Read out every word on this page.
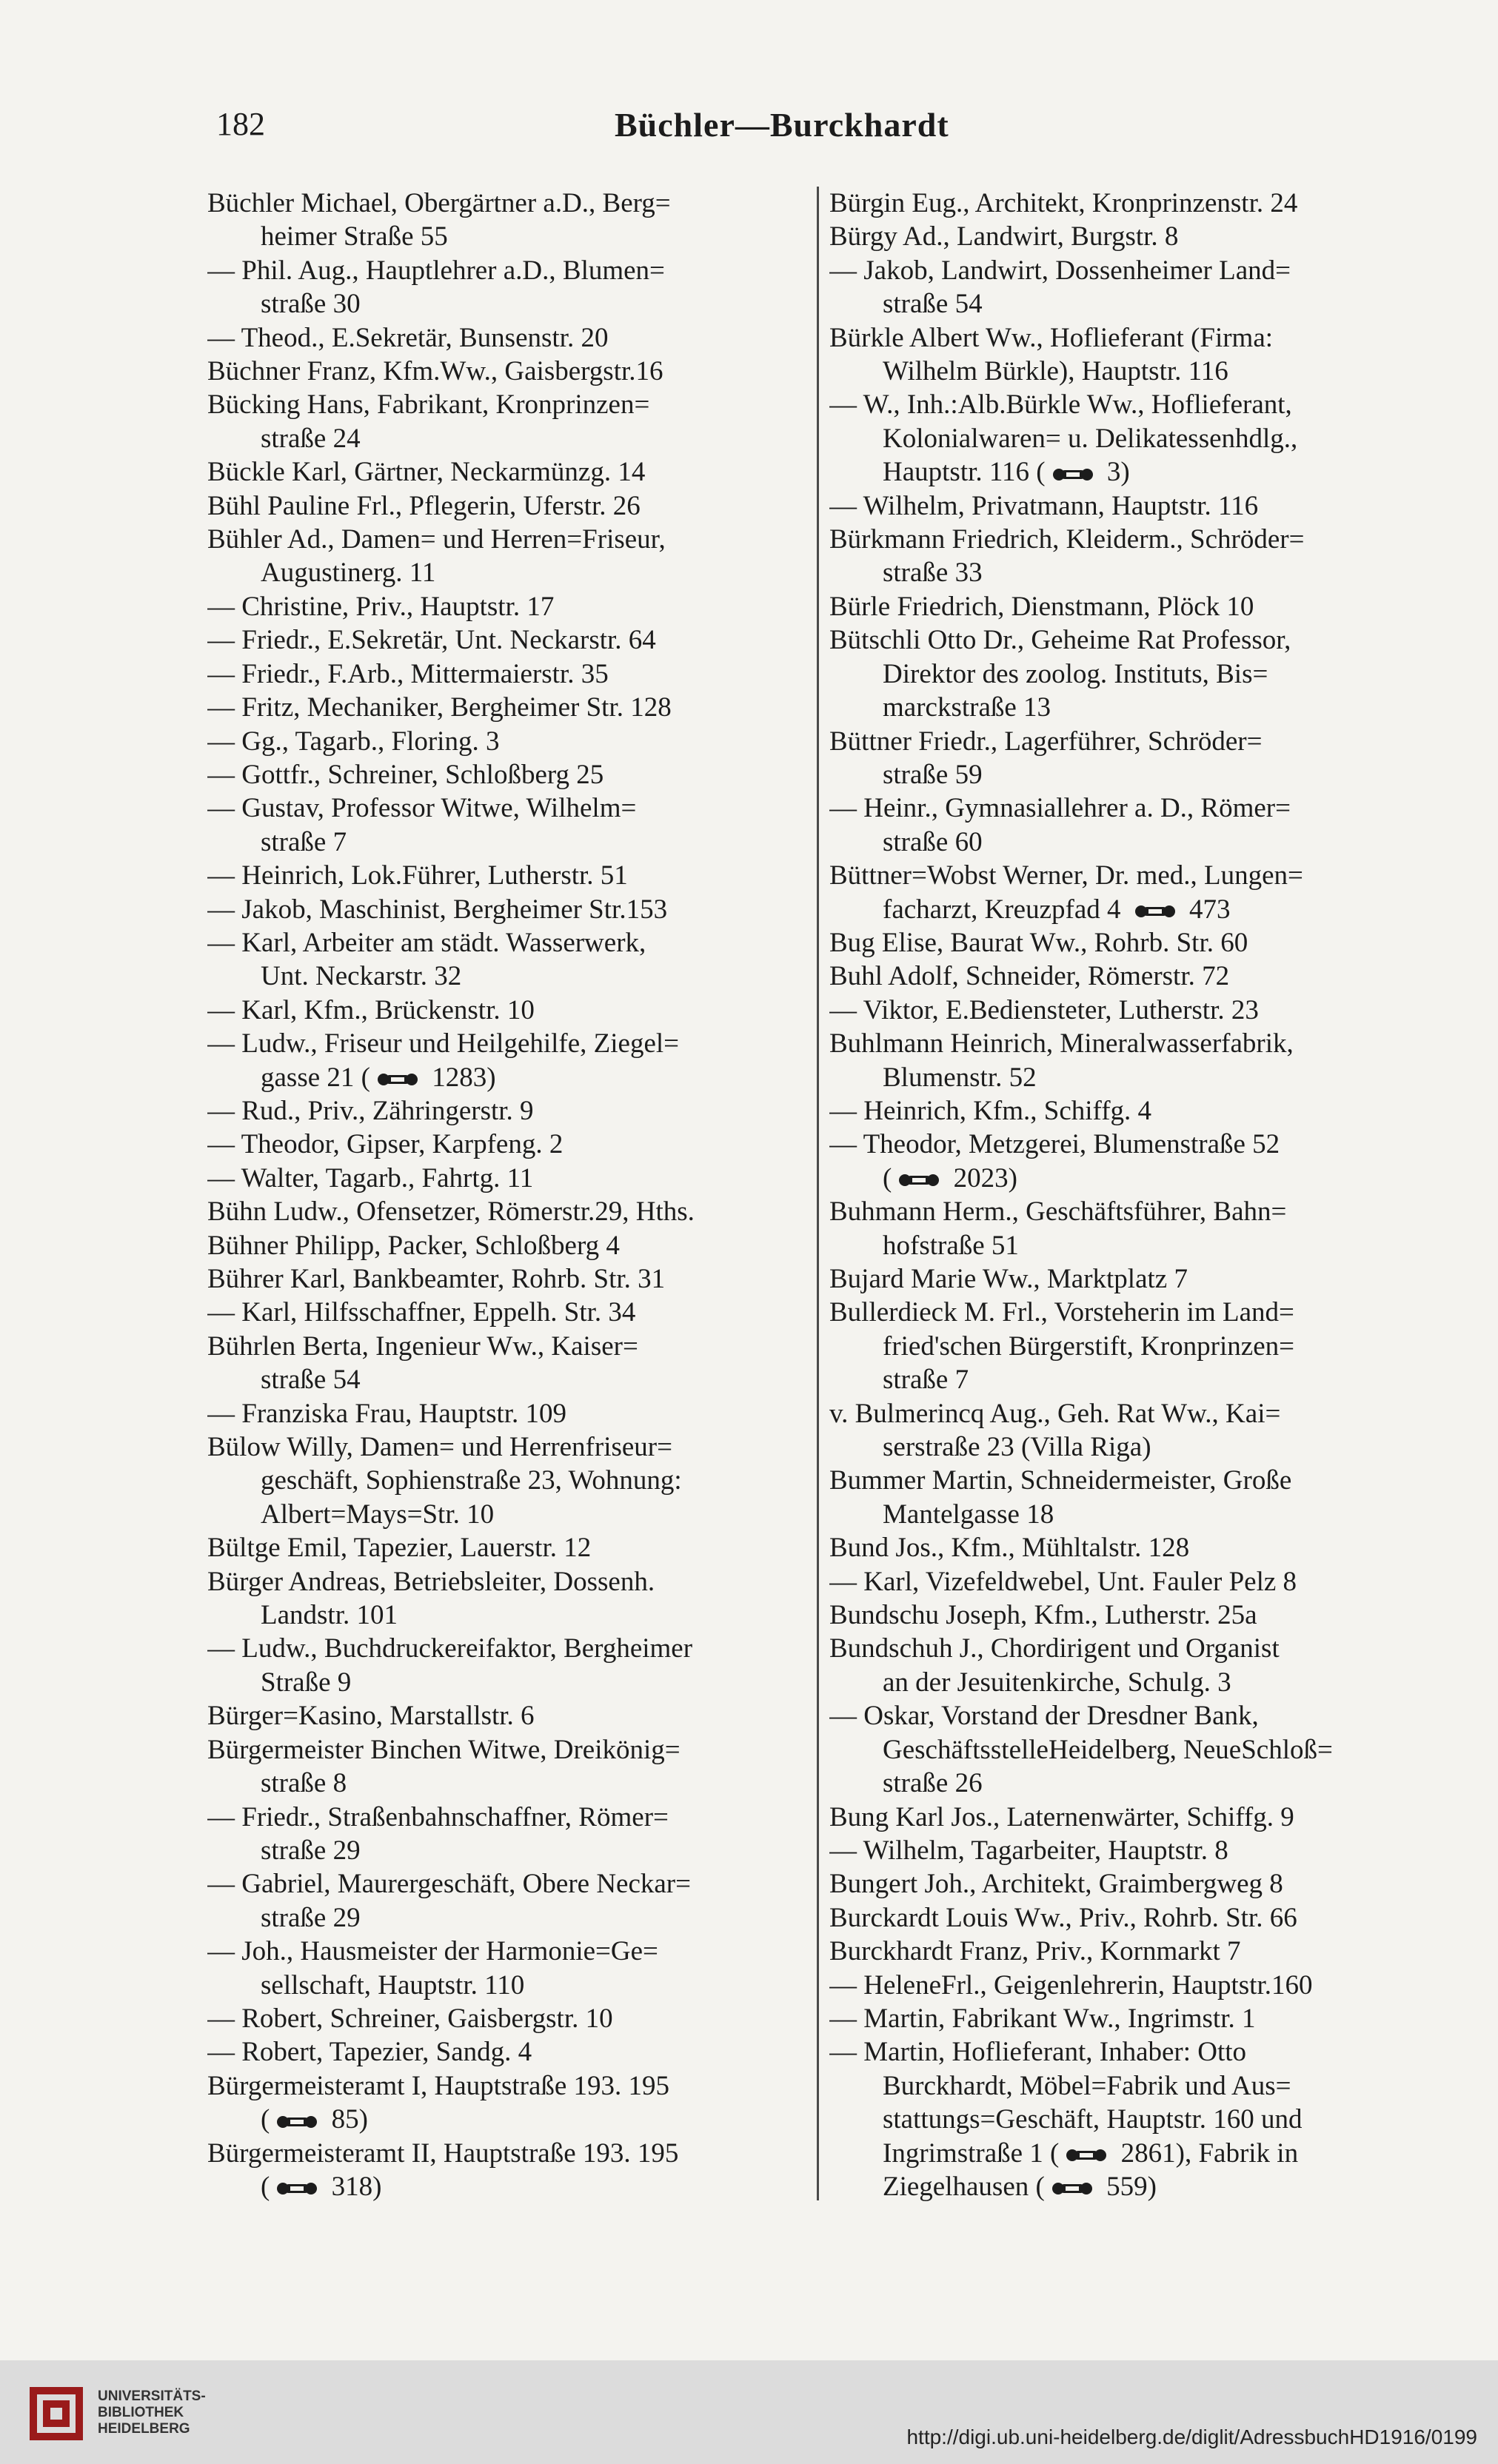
182	Büchler—Burckhardt
Büchler Michael, Obergärtner a.D., Berg=
heimer Straße 55
— Phil. Aug., Hauptlehrer a.D., Blumen=
straße 30
— Theod., E.Sekretär, Bunsenstr. 20
Büchner Franz, Kfm.Ww., Gaisbergstr.16
Bücking Hans, Fabrikant, Kronprinzen=
straße 24
Bückle Karl, Gärtner, Neckarmünzg. 14
Bühl Pauline Frl., Pflegerin, Uferstr. 26
Bühler Ad., Damen= und Herren=Friseur,
Augustinerg. 11
— Christine, Priv., Hauptstr. 17
— Friedr., E.Sekretär, Unt. Neckarstr. 64
— Friedr., F.Arb., Mittermaierstr. 35
— Fritz, Mechaniker, Bergheimer Str. 128
— Gg., Tagarb., Floring. 3
— Gottfr., Schreiner, Schloßberg 25
— Gustav, Professor Witwe, Wilhelm=
straße 7
— Heinrich, Lok.Führer, Lutherstr. 51
— Jakob, Maschinist, Bergheimer Str.153
— Karl, Arbeiter am städt. Wasserwerk,
Unt. Neckarstr. 32
— Karl, Kfm., Brückenstr. 10
— Ludw., Friseur und Heilgehilfe, Ziegel=
gasse 21 (
1283)
— Rud., Priv., Zähringerstr. 9
— Theodor, Gipser, Karpfeng. 2
— Walter, Tagarb., Fahrtg. 11
Bühn Ludw., Ofensetzer, Römerstr.29, Hths.
Bühner Philipp, Packer, Schloßberg 4
Bührer Karl, Bankbeamter, Rohrb. Str. 31
— Karl, Hilfsschaffner, Eppelh. Str. 34
Bührlen Berta, Ingenieur Ww., Kaiser=
straße 54
— Franziska Frau, Hauptstr. 109
Bülow Willy, Damen= und Herrenfriseur=
geschäft, Sophienstraße 23, Wohnung:
Albert=Mays=Str. 10
Bültge Emil, Tapezier, Lauerstr. 12
Bürger Andreas, Betriebsleiter, Dossenh.
Landstr. 101
— Ludw., Buchdruckereifaktor, Bergheimer
Straße 9
Bürger=Kasino, Marstallstr. 6
Bürgermeister Binchen Witwe, Dreikönig=
straße 8
— Friedr., Straßenbahnschaffner, Römer=
straße 29
— Gabriel, Maurergeschäft, Obere Neckar=
straße 29
— Joh., Hausmeister der Harmonie=Ge=
sellschaft, Hauptstr. 110
— Robert, Schreiner, Gaisbergstr. 10
— Robert, Tapezier, Sandg. 4
Bürgermeisteramt I, Hauptstraße 193. 195
(
85)
Bürgermeisteramt II, Hauptstraße 193. 195
(
318)
Bürgin Eug., Architekt, Kronprinzenstr. 24
Bürgy Ad., Landwirt, Burgstr. 8
— Jakob, Landwirt, Dossenheimer Land=
straße 54
Bürkle Albert Ww., Hoflieferant (Firma:
Wilhelm Bürkle), Hauptstr. 116
— W., Inh.:Alb.Bürkle Ww., Hoflieferant,
Kolonialwaren= u. Delikatessenhdlg.,
Hauptstr. 116 (
3)
— Wilhelm, Privatmann, Hauptstr. 116
Bürkmann Friedrich, Kleiderm., Schröder=
straße 33
Bürle Friedrich, Dienstmann, Plöck 10
Bütschli Otto Dr., Geheime Rat Professor,
Direktor des zoolog. Instituts, Bis=
marckstraße 13
Büttner Friedr., Lagerführer, Schröder=
straße 59
— Heinr., Gymnasiallehrer a. D., Römer=
straße 60
Büttner=Wobst Werner, Dr. med., Lungen=
facharzt, Kreuzpfad 4
473
Bug Elise, Baurat Ww., Rohrb. Str. 60
Buhl Adolf, Schneider, Römerstr. 72
— Viktor, E.Bediensteter, Lutherstr. 23
Buhlmann Heinrich, Mineralwasserfabrik,
Blumenstr. 52
— Heinrich, Kfm., Schiffg. 4
— Theodor, Metzgerei, Blumenstraße 52
(
2023)
Buhmann Herm., Geschäftsführer, Bahn=
hofstraße 51
Bujard Marie Ww., Marktplatz 7
Bullerdieck M. Frl., Vorsteherin im Land=
fried'schen Bürgerstift, Kronprinzen=
straße 7
v. Bulmerincq Aug., Geh. Rat Ww., Kai=
serstraße 23 (Villa Riga)
Bummer Martin, Schneidermeister, Große
Mantelgasse 18
Bund Jos., Kfm., Mühltalstr. 128
— Karl, Vizefeldwebel, Unt. Fauler Pelz 8
Bundschu Joseph, Kfm., Lutherstr. 25a
Bundschuh J., Chordirigent und Organist
an der Jesuitenkirche, Schulg. 3
— Oskar, Vorstand der Dresdner Bank,
GeschäftsstelleHeidelberg, NeueSchloß=
straße 26
Bung Karl Jos., Laternenwärter, Schiffg. 9
— Wilhelm, Tagarbeiter, Hauptstr. 8
Bungert Joh., Architekt, Graimbergweg 8
Burckardt Louis Ww., Priv., Rohrb. Str. 66
Burckhardt Franz, Priv., Kornmarkt 7
— HeleneFrl., Geigenlehrerin, Hauptstr.160
— Martin, Fabrikant Ww., Ingrimstr. 1
— Martin, Hoflieferant, Inhaber: Otto
Burckhardt, Möbel=Fabrik und Aus=
stattungs=Geschäft, Hauptstr. 160 und
Ingrimstraße 1 (
2861), Fabrik in
Ziegelhausen (
559)
UNIVERSITÄTS-
BIBLIOTHEK
HEIDELBERG	http://digi.ub.uni-heidelberg.de/diglit/AdressbuchHD1916/0199
